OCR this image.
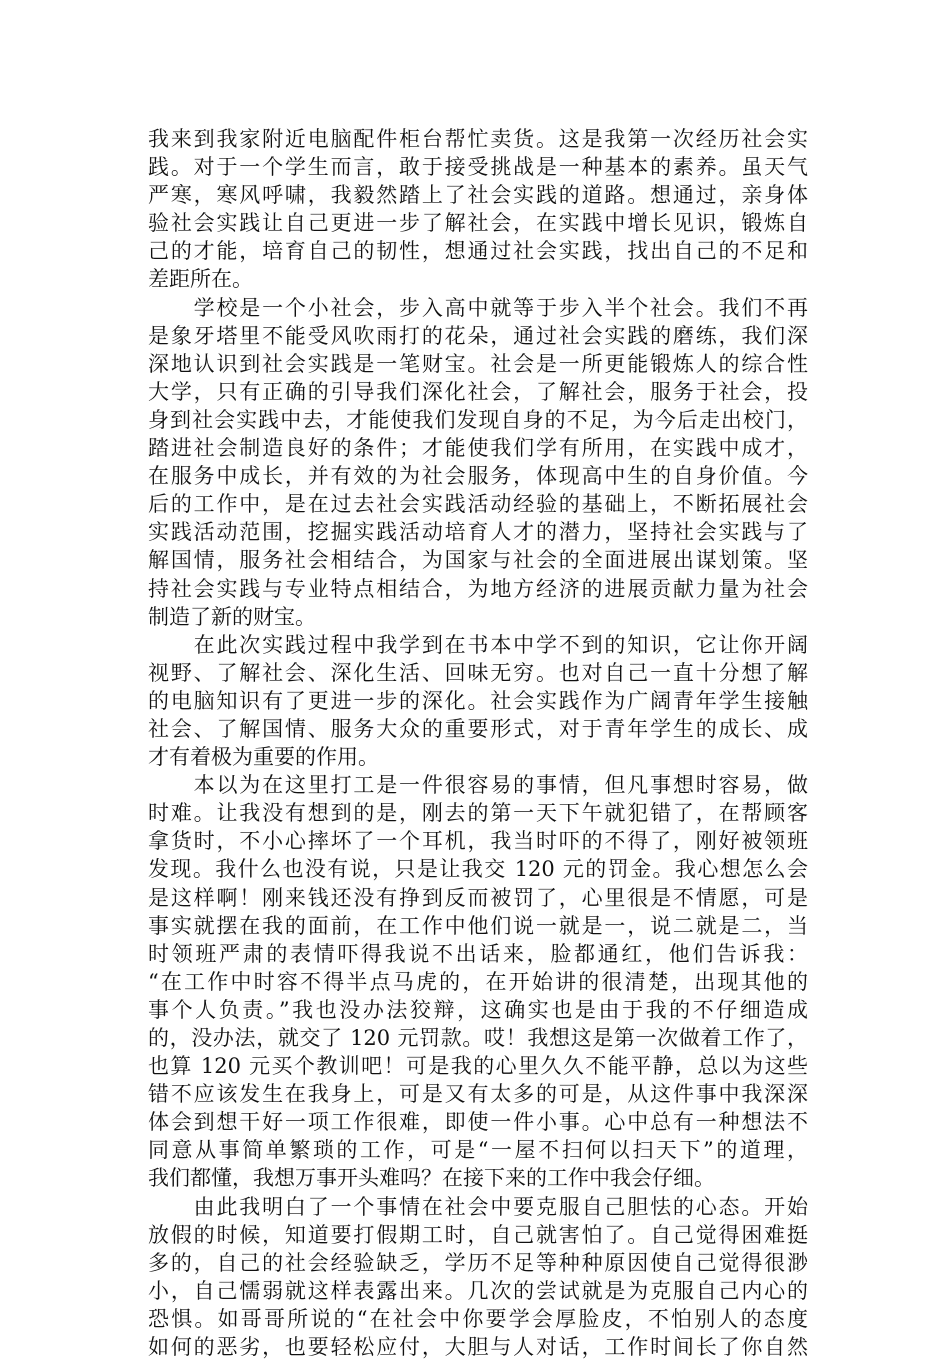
我来到我家附近电脑配件柜台帮忙卖货。这是我第一次经历社会实
践。对于一个学生而言，敢于接受挑战是一种基本的素养。虽天气
严寒，寒风呼啸，我毅然踏上了社会实践的道路。想通过，亲身体
验社会实践让自己更进一步了解社会，在实践中增长见识，锻炼自
己的才能，培育自己的韧性，想通过社会实践，找出自己的不足和
差距所在。
　　学校是一个小社会，步入高中就等于步入半个社会。我们不再
是象牙塔里不能受风吹雨打的花朵，通过社会实践的磨练，我们深
深地认识到社会实践是一笔财宝。社会是一所更能锻炼人的综合性
大学，只有正确的引导我们深化社会，了解社会，服务于社会，投
身到社会实践中去，才能使我们发现自身的不足，为今后走出校门，
踏进社会制造良好的条件；才能使我们学有所用，在实践中成才，
在服务中成长，并有效的为社会服务，体现高中生的自身价值。今
后的工作中，是在过去社会实践活动经验的基础上，不断拓展社会
实践活动范围，挖掘实践活动培育人才的潜力，坚持社会实践与了
解国情，服务社会相结合，为国家与社会的全面进展出谋划策。坚
持社会实践与专业特点相结合，为地方经济的进展贡献力量为社会
制造了新的财宝。
　　在此次实践过程中我学到在书本中学不到的知识，它让你开阔
视野、了解社会、深化生活、回味无穷。也对自己一直十分想了解
的电脑知识有了更进一步的深化。社会实践作为广阔青年学生接触
社会、了解国情、服务大众的重要形式，对于青年学生的成长、成
才有着极为重要的作用。
　　本以为在这里打工是一件很容易的事情，但凡事想时容易，做
时难。让我没有想到的是，刚去的第一天下午就犯错了，在帮顾客
拿货时，不小心摔坏了一个耳机，我当时吓的不得了，刚好被领班
发现。我什么也没有说，只是让我交 120 元的罚金。我心想怎么会
是这样啊！刚来钱还没有挣到反而被罚了，心里很是不情愿，可是
事实就摆在我的面前，在工作中他们说一就是一，说二就是二，当
时领班严肃的表情吓得我说不出话来，脸都通红，他们告诉我：
“在工作中时容不得半点马虎的，在开始讲的很清楚，出现其他的
事个人负责。”我也没办法狡辩，这确实也是由于我的不仔细造成
的，没办法，就交了 120 元罚款。哎！我想这是第一次做着工作了，
也算 120 元买个教训吧！可是我的心里久久不能平静，总以为这些
错不应该发生在我身上，可是又有太多的可是，从这件事中我深深
体会到想干好一项工作很难，即使一件小事。心中总有一种想法不
同意从事简单繁琐的工作，可是“一屋不扫何以扫天下”的道理，
我们都懂，我想万事开头难吗？在接下来的工作中我会仔细。
　　由此我明白了一个事情在社会中要克服自己胆怯的心态。开始
放假的时候，知道要打假期工时，自己就害怕了。自己觉得困难挺
多的，自己的社会经验缺乏，学历不足等种种原因使自己觉得很渺
小，自己懦弱就这样表露出来。几次的尝试就是为克服自己内心的
恐惧。如哥哥所说的“在社会中你要学会厚脸皮，不怕别人的态度
如何的恶劣，也要轻松应付，大胆与人对话，工作时间长了你自然
